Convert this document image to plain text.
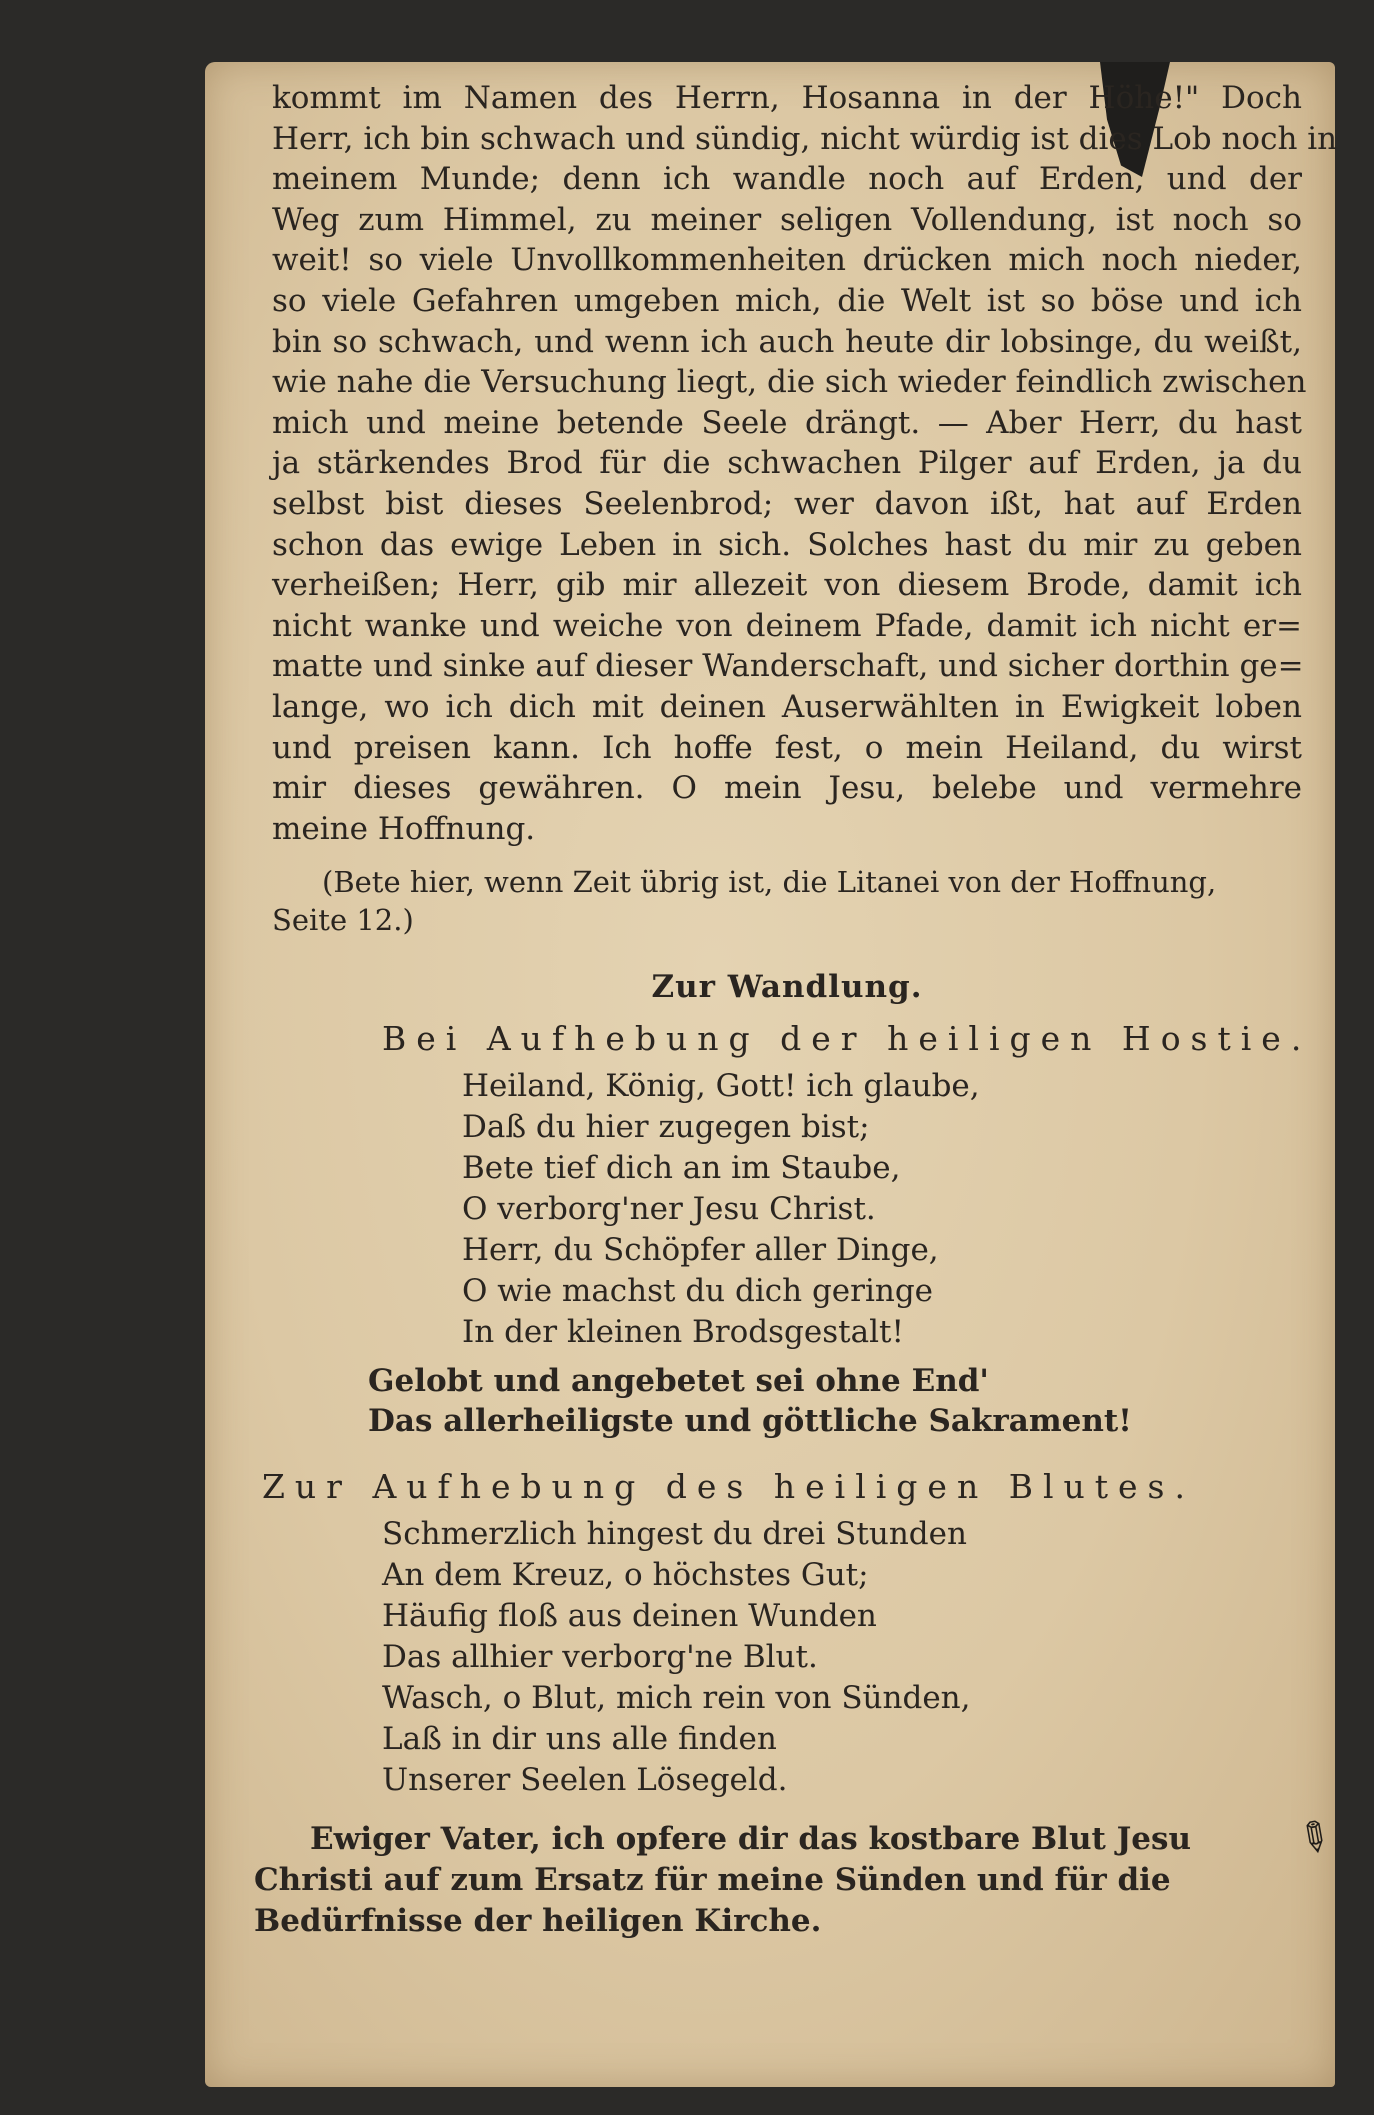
kommt im Namen des Herrn, Hosanna in der Höhe!" Doch
Herr, ich bin schwach und sündig, nicht würdig ist dies Lob noch in
meinem Munde; denn ich wandle noch auf Erden, und der
Weg zum Himmel, zu meiner seligen Vollendung, ist noch so
weit! so viele Unvollkommenheiten drücken mich noch nieder,
so viele Gefahren umgeben mich, die Welt ist so böse und ich
bin so schwach, und wenn ich auch heute dir lobsinge, du weißt,
wie nahe die Versuchung liegt, die sich wieder feindlich zwischen
mich und meine betende Seele drängt. — Aber Herr, du hast
ja stärkendes Brod für die schwachen Pilger auf Erden, ja du
selbst bist dieses Seelenbrod; wer davon ißt, hat auf Erden
schon das ewige Leben in sich. Solches hast du mir zu geben
verheißen; Herr, gib mir allezeit von diesem Brode, damit ich
nicht wanke und weiche von deinem Pfade, damit ich nicht er=
matte und sinke auf dieser Wanderschaft, und sicher dorthin ge=
lange, wo ich dich mit deinen Auserwählten in Ewigkeit loben
und preisen kann. Ich hoffe fest, o mein Heiland, du wirst
mir dieses gewähren. O mein Jesu, belebe und vermehre
meine Hoffnung.
(Bete hier, wenn Zeit übrig ist, die Litanei von der Hoffnung,
Seite 12.)
Zur Wandlung.
Bei Aufhebung der heiligen Hostie.
Heiland, König, Gott! ich glaube,
Daß du hier zugegen bist;
Bete tief dich an im Staube,
O verborg'ner Jesu Christ.
Herr, du Schöpfer aller Dinge,
O wie machst du dich geringe
In der kleinen Brodsgestalt!
Gelobt und angebetet sei ohne End'
Das allerheiligste und göttliche Sakrament!
Zur Aufhebung des heiligen Blutes.
Schmerzlich hingest du drei Stunden
An dem Kreuz, o höchstes Gut;
Häufig floß aus deinen Wunden
Das allhier verborg'ne Blut.
Wasch, o Blut, mich rein von Sünden,
Laß in dir uns alle finden
Unserer Seelen Lösegeld.
Ewiger Vater, ich opfere dir das kostbare Blut Jesu
Christi auf zum Ersatz für meine Sünden und für die
Bedürfnisse der heiligen Kirche.
✎
